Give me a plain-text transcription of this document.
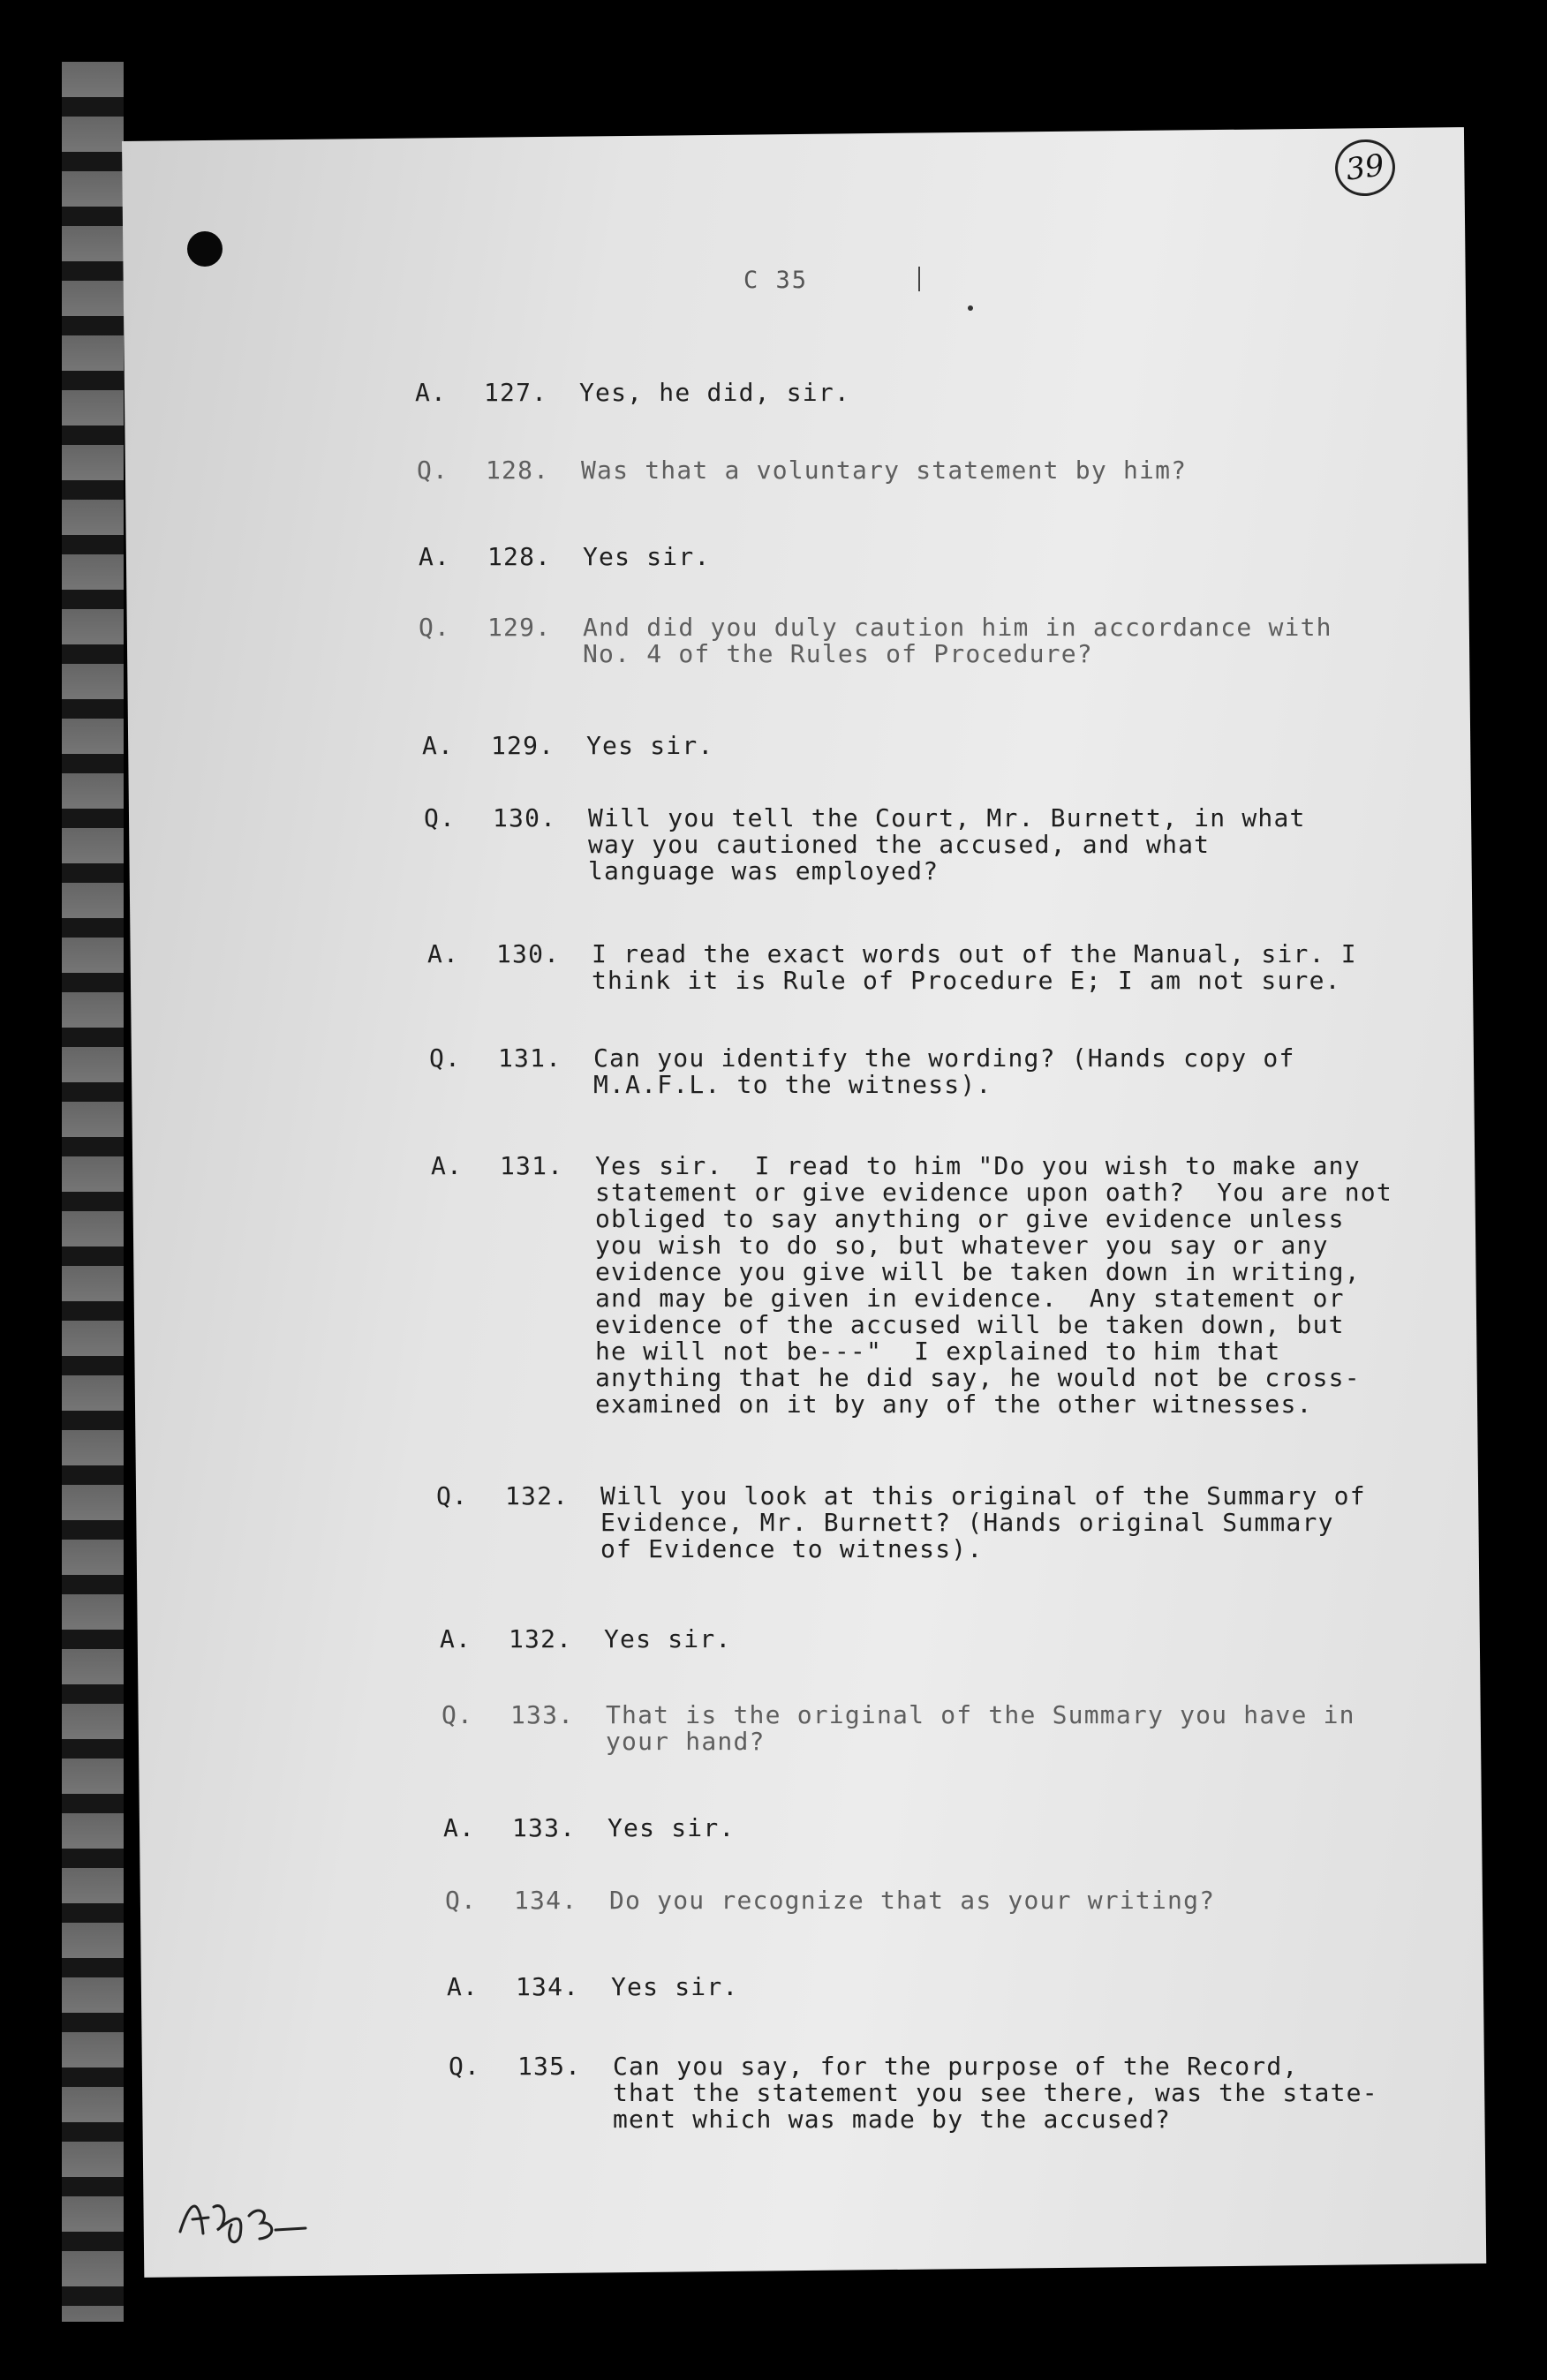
39
C 35
A.	127.	Yes, he did, sir.
Q.	128.	Was that a voluntary statement by him?
A.	128.	Yes sir.
Q.	129.	And did you duly caution him in accordance with
No. 4 of the Rules of Procedure?
A.	129.	Yes sir.
Q.	130.	Will you tell the Court, Mr. Burnett, in what
way you cautioned the accused, and what
language was employed?
A.	130.	I read the exact words out of the Manual, sir. I
think it is Rule of Procedure E; I am not sure.
Q.	131.	Can you identify the wording? (Hands copy of
M.A.F.L. to the witness).
A.	131.	Yes sir.  I read to him "Do you wish to make any
statement or give evidence upon oath?  You are not
obliged to say anything or give evidence unless
you wish to do so, but whatever you say or any
evidence you give will be taken down in writing,
and may be given in evidence.  Any statement or
evidence of the accused will be taken down, but
he will not be---"  I explained to him that
anything that he did say, he would not be cross-
examined on it by any of the other witnesses.
Q.	132.	Will you look at this original of the Summary of
Evidence, Mr. Burnett? (Hands original Summary
of Evidence to witness).
A.	132.	Yes sir.
Q.	133.	That is the original of the Summary you have in
your hand?
A.	133.	Yes sir.
Q.	134.	Do you recognize that as your writing?
A.	134.	Yes sir.
Q.	135.	Can you say, for the purpose of the Record,
that the statement you see there, was the state-
ment which was made by the accused?
